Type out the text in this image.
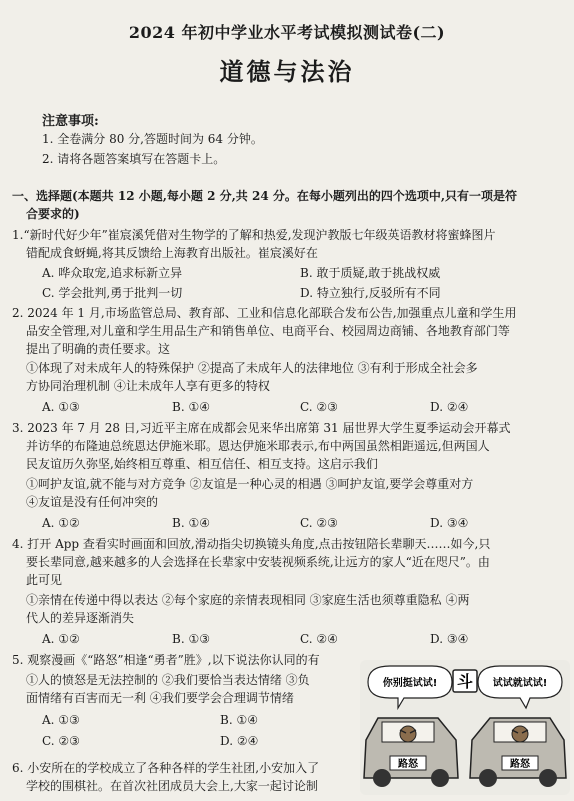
2024 年初中学业水平考试模拟测试卷(二)
道德与法治
注意事项:
1. 全卷满分 80 分,答题时间为 64 分钟。
2. 请将各题答案填写在答题卡上。
一、选择题(本题共 12 小题,每小题 2 分,共 24 分。在每小题列出的四个选项中,只有一项是符
合要求的)
1.“新时代好少年”崔宸溪凭借对生物学的了解和热爱,发现沪教版七年级英语教材将蜜蜂图片
错配成食蚜蝇,将其反馈给上海教育出版社。崔宸溪好在
A. 哗众取宠,追求标新立异	B. 敢于质疑,敢于挑战权威
C. 学会批判,勇于批判一切	D. 特立独行,反驳所有不同
2. 2024 年 1 月,市场监管总局、教育部、工业和信息化部联合发布公告,加强重点儿童和学生用
品安全管理,对儿童和学生用品生产和销售单位、电商平台、校园周边商铺、各地教育部门等
提出了明确的责任要求。这
①体现了对未成年人的特殊保护 ②提高了未成年人的法律地位 ③有利于形成全社会多
方协同治理机制 ④让未成年人享有更多的特权
A. ①③	B. ①④	C. ②③	D. ②④
3. 2023 年 7 月 28 日,习近平主席在成都会见来华出席第 31 届世界大学生夏季运动会开幕式
并访华的布隆迪总统恩达伊施米耶。恩达伊施米耶表示,布中两国虽然相距遥远,但两国人
民友谊历久弥坚,始终相互尊重、相互信任、相互支持。这启示我们
①呵护友谊,就不能与对方竞争 ②友谊是一种心灵的相遇 ③呵护友谊,要学会尊重对方
④友谊是没有任何冲突的
A. ①②	B. ①④	C. ②③	D. ③④
4. 打开 App 查看实时画面和回放,滑动指尖切换镜头角度,点击按钮陪长辈聊天……如今,只
要长辈同意,越来越多的人会选择在长辈家中安装视频系统,让远方的家人“近在咫尺”。由
此可见
①亲情在传递中得以表达 ②每个家庭的亲情表现相同 ③家庭生活也须尊重隐私 ④两
代人的差异逐渐消失
A. ①②	B. ①③	C. ②④	D. ③④
5. 观察漫画《“路怒”相逢“勇者”胜》,以下说法你认同的有
①人的愤怒是无法控制的 ②我们要恰当表达情绪 ③负
面情绪有百害而无一利 ④我们要学会合理调节情绪
A. ①③	B. ①④
C. ②③	D. ②④
6. 小安所在的学校成立了各种各样的学生社团,小安加入了
学校的围棋社。在首次社团成员大会上,大家一起讨论制
你别挺试试!	试试就试试!
斗
路怒	路怒
